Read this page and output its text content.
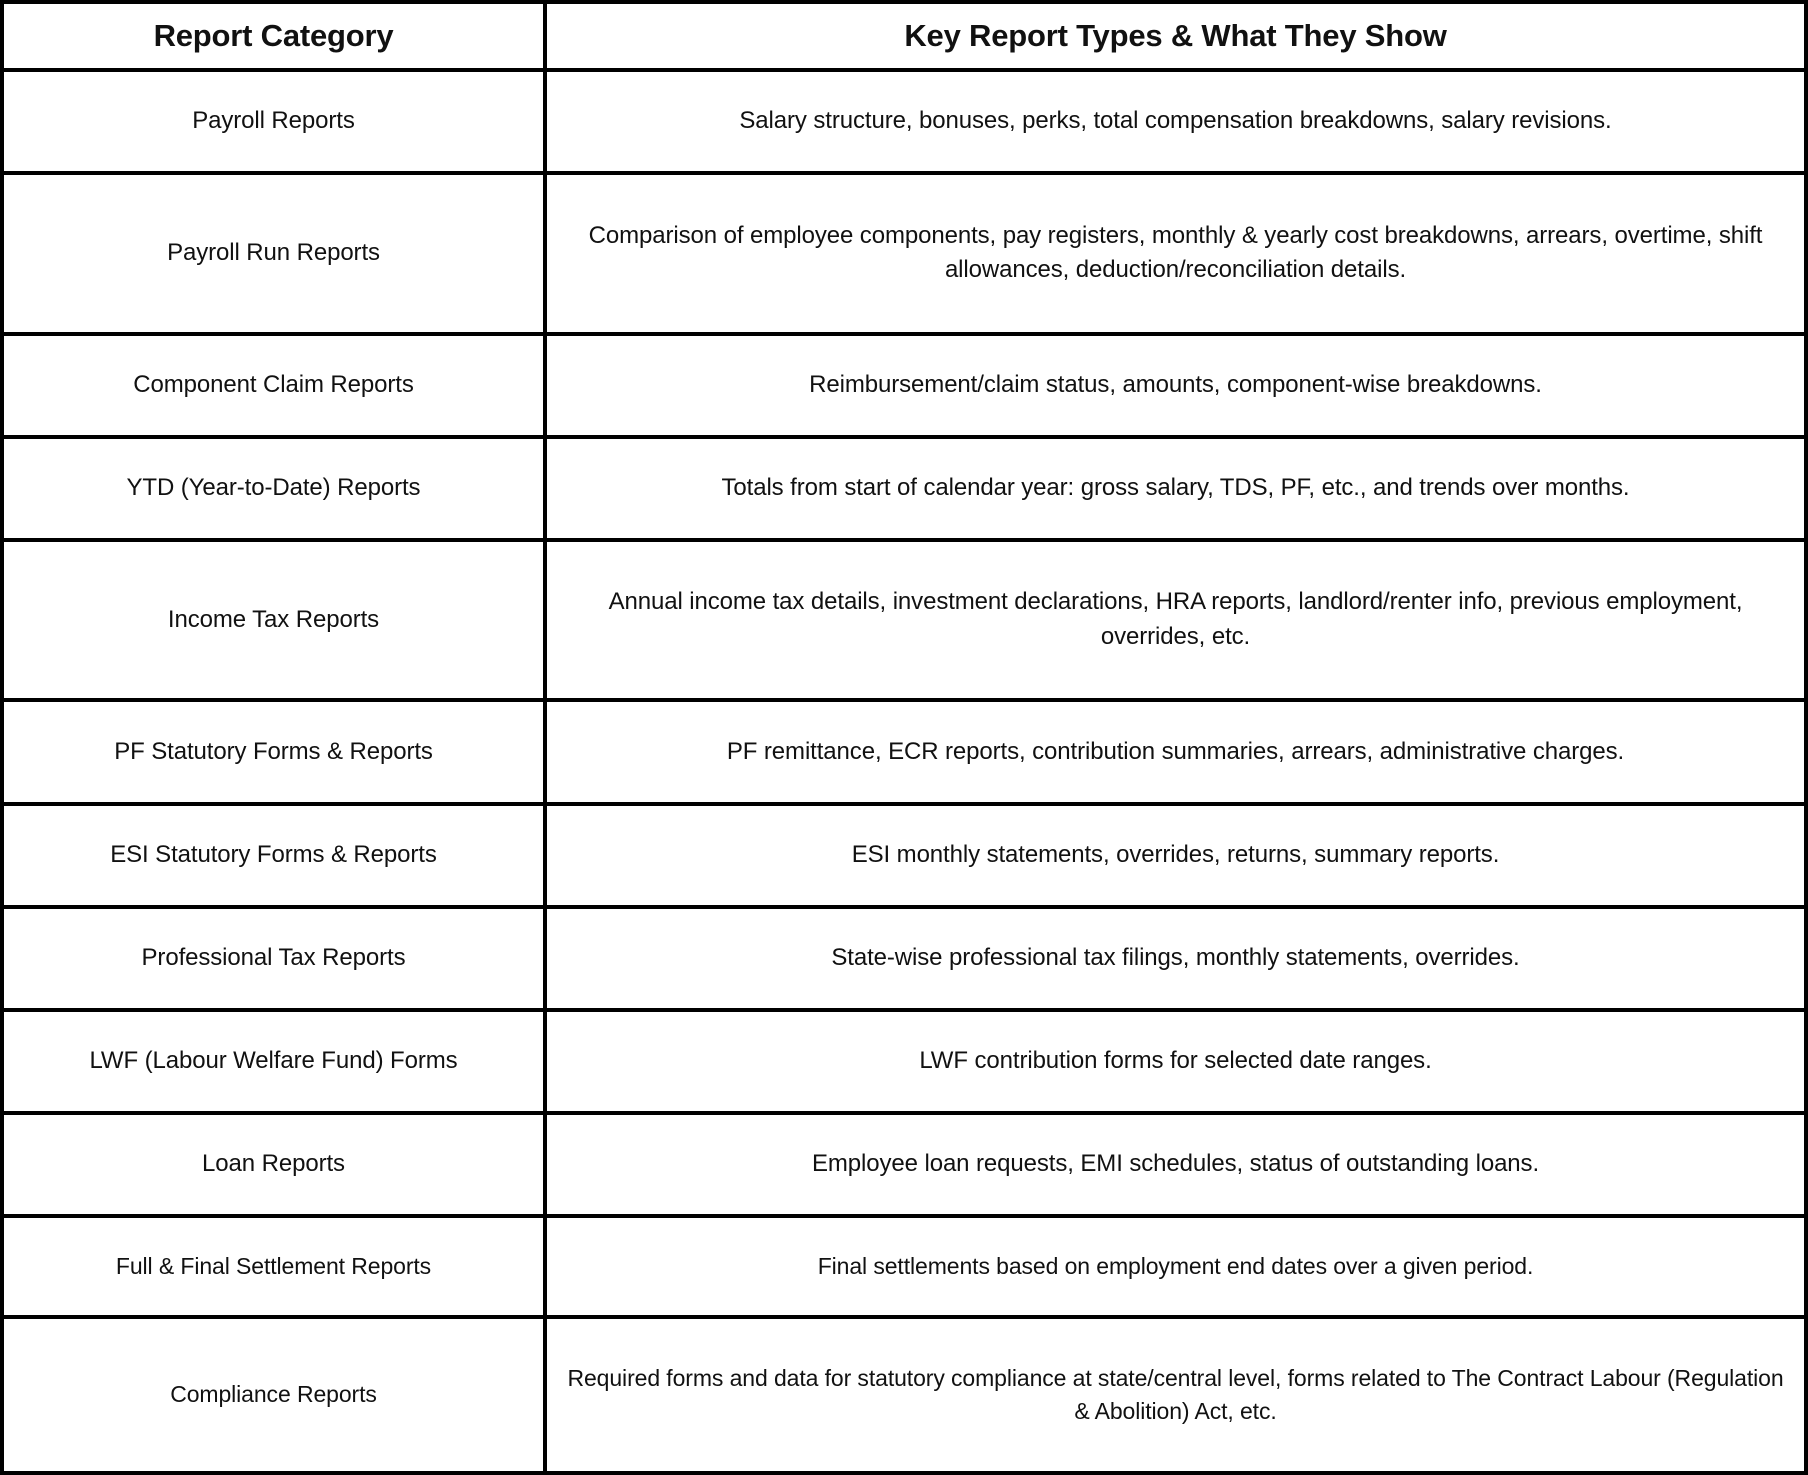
Report Category	Key Report Types & What They Show
Payroll Reports	Salary structure, bonuses, perks, total compensation breakdowns, salary revisions.
Payroll Run Reports	Comparison of employee components, pay registers, monthly & yearly cost breakdowns, arrears, overtime, shift allowances, deduction/reconciliation details.
Component Claim Reports	Reimbursement/claim status, amounts, component-wise breakdowns.
YTD (Year-to-Date) Reports	Totals from start of calendar year: gross salary, TDS, PF, etc., and trends over months.
Income Tax Reports	Annual income tax details, investment declarations, HRA reports, landlord/renter info, previous employment, overrides, etc.
PF Statutory Forms & Reports	PF remittance, ECR reports, contribution summaries, arrears, administrative charges.
ESI Statutory Forms & Reports	ESI monthly statements, overrides, returns, summary reports.
Professional Tax Reports	State-wise professional tax filings, monthly statements, overrides.
LWF (Labour Welfare Fund) Forms	LWF contribution forms for selected date ranges.
Loan Reports	Employee loan requests, EMI schedules, status of outstanding loans.
Full & Final Settlement Reports	Final settlements based on employment end dates over a given period.
Compliance Reports	Required forms and data for statutory compliance at state/central level, forms related to The Contract Labour (Regulation & Abolition) Act, etc.
